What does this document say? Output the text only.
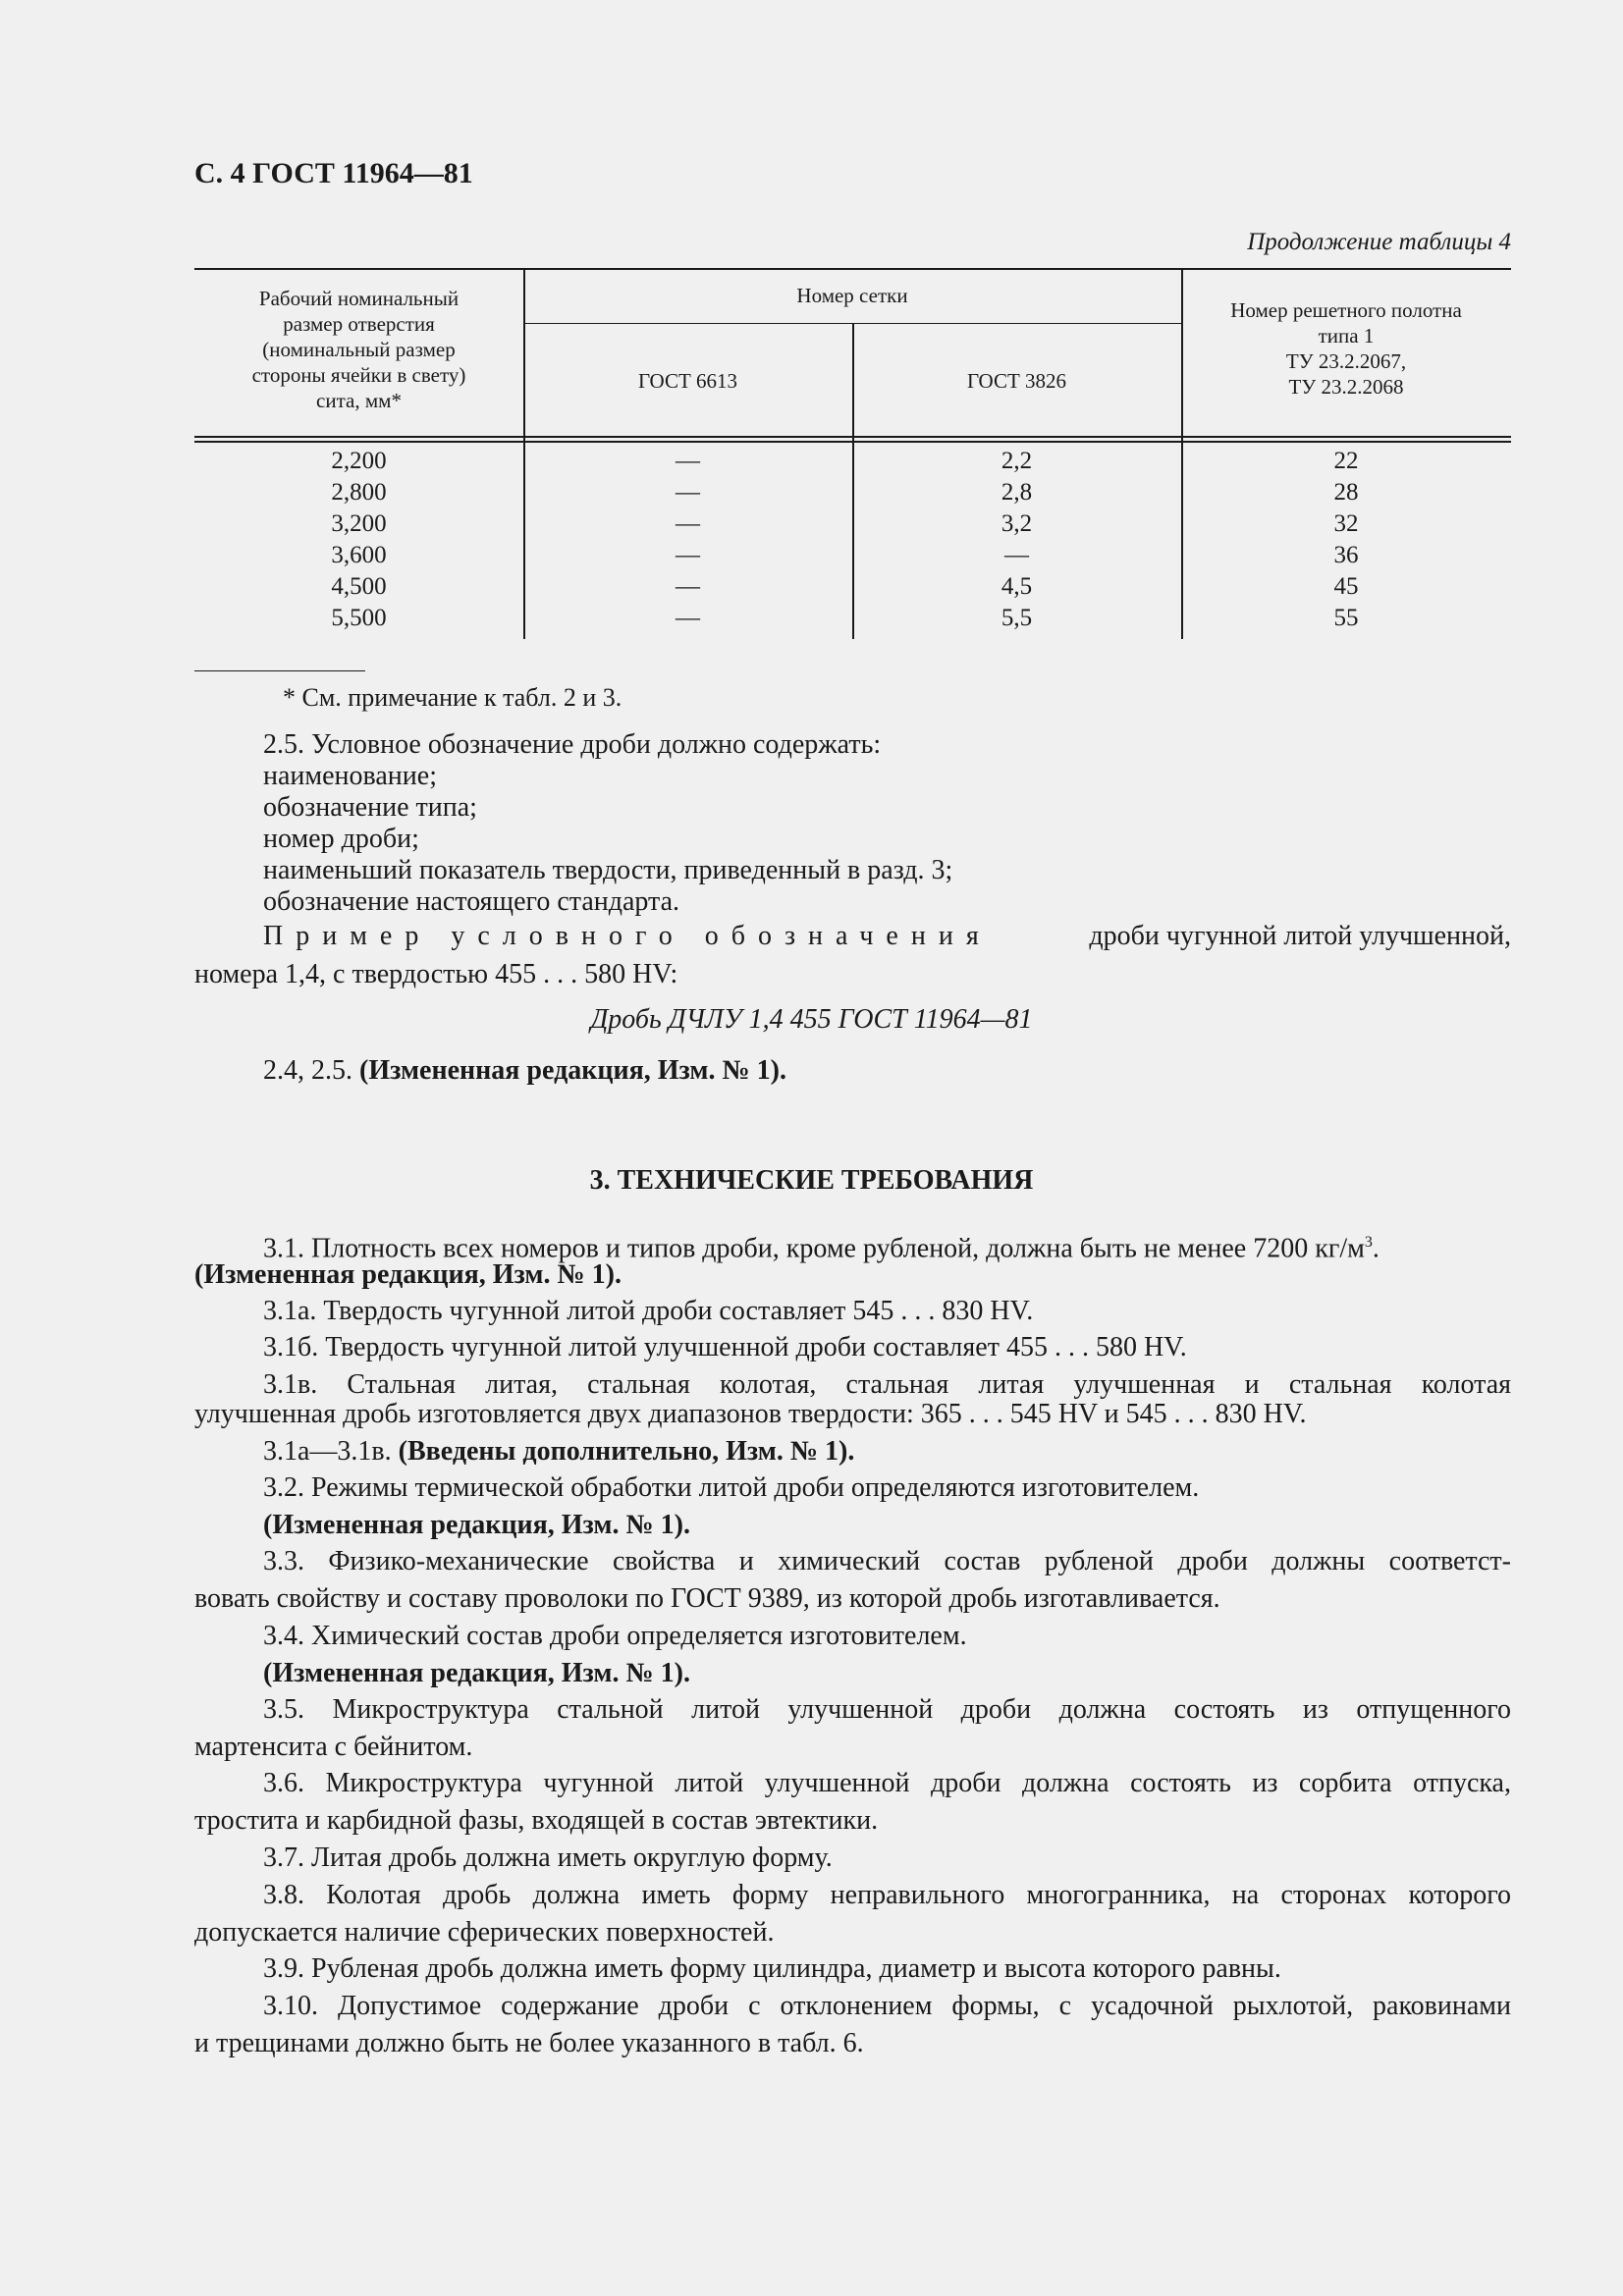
С. 4 ГОСТ 11964—81
Продолжение таблицы 4
Рабочий номинальный
размер отверстия
(номинальный размер
стороны ячейки в свету)
сита, мм*
Номер сетки
ГОСТ 6613	ГОСТ 3826
Номер решетного полотна
типа 1
ТУ 23.2.2067,
ТУ 23.2.2068
2,200	—	2,2	22
2,800	—	2,8	28
3,200	—	3,2	32
3,600	—	—	36
4,500	—	4,5	45
5,500	—	5,5	55
* См. примечание к табл. 2 и 3.
2.5. Условное обозначение дроби должно содержать:
наименование;
обозначение типа;
номер дроби;
наименьший показатель твердости, приведенный в разд. 3;
обозначение настоящего стандарта.
Пример условного обозначения	дроби чугунной литой улучшенной,
номера 1,4, с твердостью 455 . . . 580 HV:
Дробь ДЧЛУ 1,4 455 ГОСТ 11964—81
2.4, 2.5. (Измененная редакция, Изм. № 1).
3. ТЕХНИЧЕСКИЕ ТРЕБОВАНИЯ
3.1. Плотность всех номеров и типов дроби, кроме рубленой, должна быть не менее 7200 $кг/м^3$.
(Измененная редакция, Изм. № 1).
3.1а. Твердость чугунной литой дроби составляет 545 . . . 830 HV.
3.1б. Твердость чугунной литой улучшенной дроби составляет 455 . . . 580 HV.
3.1в. Стальная литая, стальная колотая, стальная литая улучшенная и стальная колотая
улучшенная дробь изготовляется двух диапазонов твердости: 365 . . . 545 HV и 545 . . . 830 HV.
3.1а—3.1в. (Введены дополнительно, Изм. № 1).
3.2. Режимы термической обработки литой дроби определяются изготовителем.
(Измененная редакция, Изм. № 1).
3.3. Физико-механические свойства и химический состав рубленой дроби должны соответст-
вовать свойству и составу проволоки по ГОСТ 9389, из которой дробь изготавливается.
3.4. Химический состав дроби определяется изготовителем.
(Измененная редакция, Изм. № 1).
3.5. Микроструктура стальной литой улучшенной дроби должна состоять из отпущенного
мартенсита с бейнитом.
3.6. Микроструктура чугунной литой улучшенной дроби должна состоять из сорбита отпуска,
тростита и карбидной фазы, входящей в состав эвтектики.
3.7. Литая дробь должна иметь округлую форму.
3.8. Колотая дробь должна иметь форму неправильного многогранника, на сторонах которого
допускается наличие сферических поверхностей.
3.9. Рубленая дробь должна иметь форму цилиндра, диаметр и высота которого равны.
3.10. Допустимое содержание дроби с отклонением формы, с усадочной рыхлотой, раковинами
и трещинами должно быть не более указанного в табл. 6.
